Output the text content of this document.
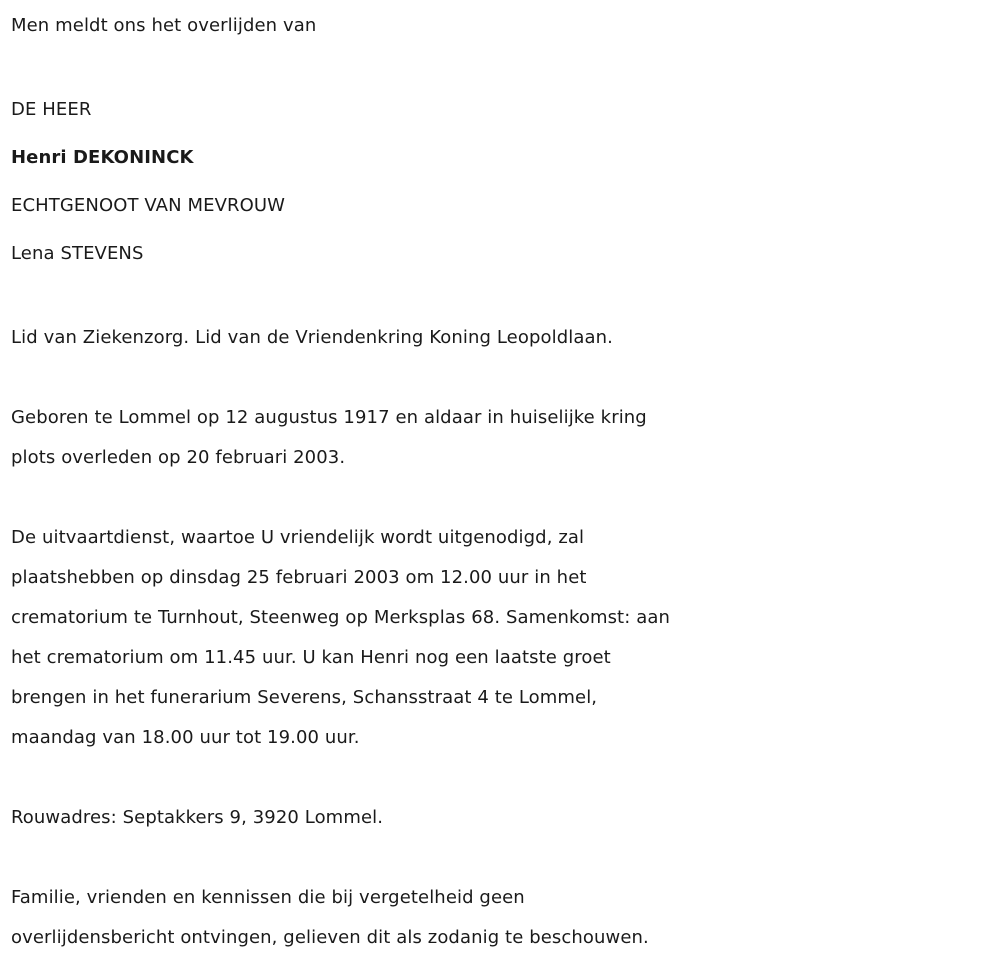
Men meldt ons het overlijden van
DE HEER
Henri DEKONINCK
ECHTGENOOT VAN MEVROUW
Lena STEVENS
Lid van Ziekenzorg. Lid van de Vriendenkring Koning Leopoldlaan.
Geboren te Lommel op 12 augustus 1917 en aldaar in huiselijke kring
plots overleden op 20 februari 2003.
De uitvaartdienst, waartoe U vriendelijk wordt uitgenodigd, zal
plaatshebben op dinsdag 25 februari 2003 om 12.00 uur in het
crematorium te Turnhout, Steenweg op Merksplas 68. Samenkomst: aan
het crematorium om 11.45 uur. U kan Henri nog een laatste groet
brengen in het funerarium Severens, Schansstraat 4 te Lommel,
maandag van 18.00 uur tot 19.00 uur.
Rouwadres: Septakkers 9, 3920 Lommel.
Familie, vrienden en kennissen die bij vergetelheid geen
overlijdensbericht ontvingen, gelieven dit als zodanig te beschouwen.
